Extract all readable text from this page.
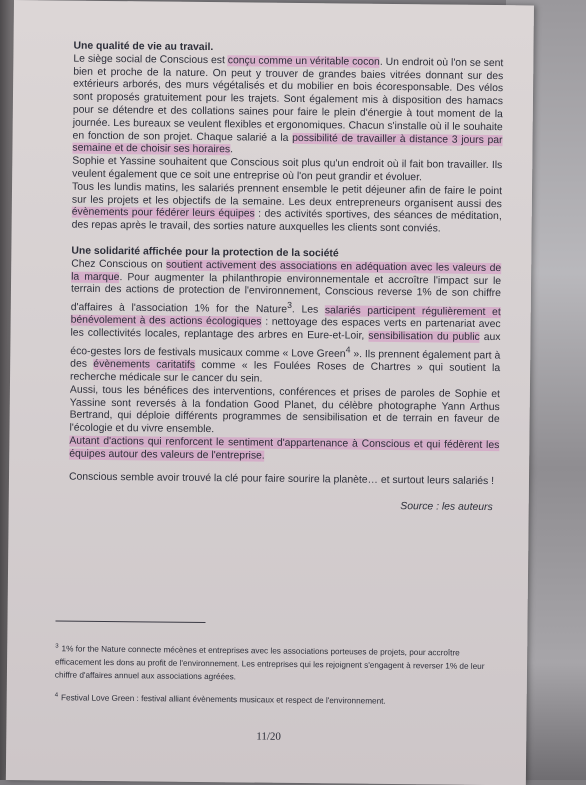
Une qualité de vie au travail.

Le siège social de Conscious est conçu comme un véritable cocon. Un endroit où l'on se sent bien et proche de la nature. On peut y trouver de grandes baies vitrées donnant sur des extérieurs arborés, des murs végétalisés et du mobilier en bois écoresponsable. Des vélos sont proposés gratuitement pour les trajets. Sont également mis à disposition des hamacs pour se détendre et des collations saines pour faire le plein d'énergie à tout moment de la journée. Les bureaux se veulent flexibles et ergonomiques. Chacun s'installe où il le souhaite en fonction de son projet. Chaque salarié a la possibilité de travailler à distance 3 jours par semaine et de choisir ses horaires.

Sophie et Yassine souhaitent que Conscious soit plus qu'un endroit où il fait bon travailler. Ils veulent également que ce soit une entreprise où l'on peut grandir et évoluer.

Tous les lundis matins, les salariés prennent ensemble le petit déjeuner afin de faire le point sur les projets et les objectifs de la semaine. Les deux entrepreneurs organisent aussi des évènements pour fédérer leurs équipes : des activités sportives, des séances de méditation, des repas après le travail, des sorties nature auxquelles les clients sont conviés.

Une solidarité affichée pour la protection de la société

Chez Conscious on soutient activement des associations en adéquation avec les valeurs de la marque. Pour augmenter la philanthropie environnementale et accroître l'impact sur le terrain des actions de protection de l'environnement, Conscious reverse 1% de son chiffre d'affaires à l'association 1% for the Nature$^3$. Les salariés participent régulièrement et bénévolement à des actions écologiques : nettoyage des espaces verts en partenariat avec les collectivités locales, replantage des arbres en Eure-et-Loir, sensibilisation du public aux éco-gestes lors de festivals musicaux comme « Love Green$^4$ ». Ils prennent également part à des évènements caritatifs comme « les Foulées Roses de Chartres » qui soutient la recherche médicale sur le cancer du sein.

Aussi, tous les bénéfices des interventions, conférences et prises de paroles de Sophie et Yassine sont reversés à la fondation Good Planet, du célèbre photographe Yann Arthus Bertrand, qui déploie différents programmes de sensibilisation et de terrain en faveur de l'écologie et du vivre ensemble.

Autant d'actions qui renforcent le sentiment d'appartenance à Conscious et qui fédèrent les équipes autour des valeurs de l'entreprise.

Conscious semble avoir trouvé la clé pour faire sourire la planète… et surtout leurs salariés !

Source : les auteurs

$^3$ 1% for the Nature connecte mécènes et entreprises avec les associations porteuses de projets, pour accroître efficacement les dons au profit de l'environnement. Les entreprises qui les rejoignent s'engagent à reverser 1% de leur chiffre d'affaires annuel aux associations agréées.

$^4$ Festival Love Green : festival alliant évènements musicaux et respect de l'environnement.

11/20
